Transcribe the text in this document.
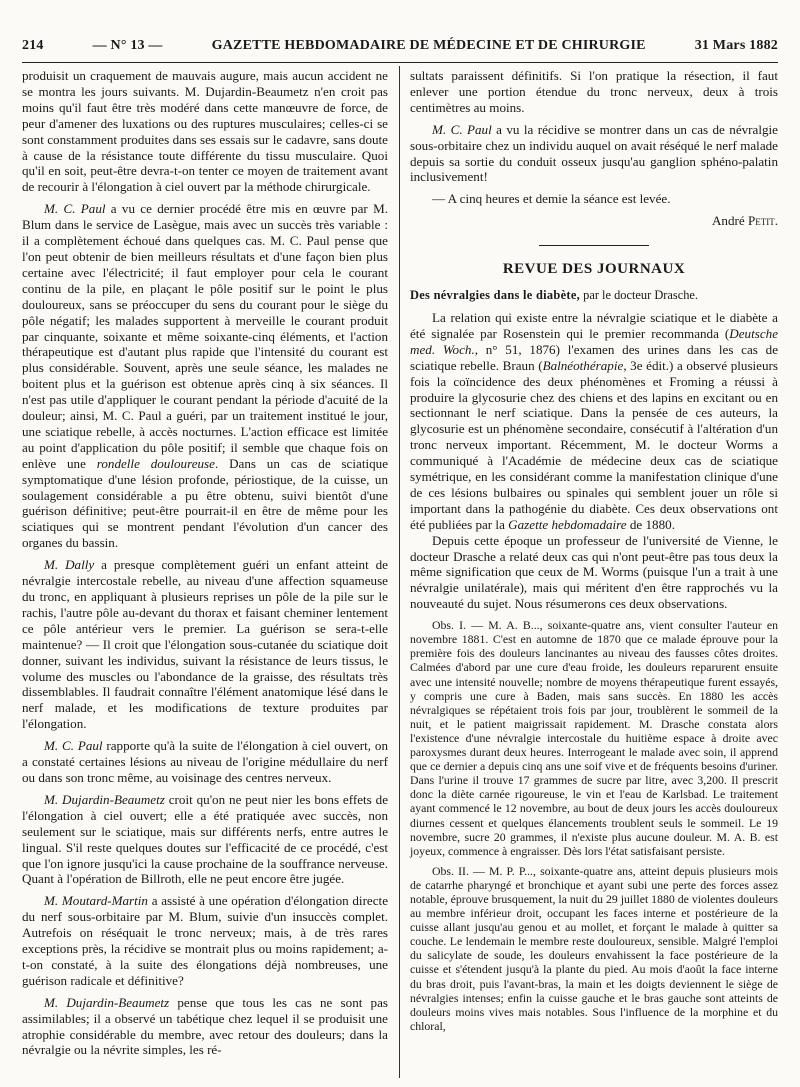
214	— N° 13 —	GAZETTE HEBDOMADAIRE DE MÉDECINE ET DE CHIRURGIE	31 Mars 1882

produisit un craquement de mauvais augure, mais aucun accident ne se montra les jours suivants. M. Dujardin-Beaumetz n'en croit pas moins qu'il faut être très modéré dans cette manœuvre de force, de peur d'amener des luxations ou des ruptures musculaires; celles-ci se sont constamment produites dans ses essais sur le cadavre, sans doute à cause de la résistance toute différente du tissu musculaire. Quoi qu'il en soit, peut-être devra-t-on tenter ce moyen de traitement avant de recourir à l'élongation à ciel ouvert par la méthode chirurgicale.

M. C. Paul a vu ce dernier procédé être mis en œuvre par M. Blum dans le service de Lasègue, mais avec un succès très variable : il a complètement échoué dans quelques cas. M. C. Paul pense que l'on peut obtenir de bien meilleurs résultats et d'une façon bien plus certaine avec l'électricité; il faut employer pour cela le courant continu de la pile, en plaçant le pôle positif sur le point le plus douloureux, sans se préoccuper du sens du courant pour le siège du pôle négatif; les malades supportent à merveille le courant produit par cinquante, soixante et même soixante-cinq éléments, et l'action thérapeutique est d'autant plus rapide que l'intensité du courant est plus considérable. Souvent, après une seule séance, les malades ne boitent plus et la guérison est obtenue après cinq à six séances. Il n'est pas utile d'appliquer le courant pendant la période d'acuité de la douleur; ainsi, M. C. Paul a guéri, par un traitement institué le jour, une sciatique rebelle, à accès nocturnes. L'action efficace est limitée au point d'application du pôle positif; il semble que chaque fois on enlève une rondelle douloureuse. Dans un cas de sciatique symptomatique d'une lésion profonde, périostique, de la cuisse, un soulagement considérable a pu être obtenu, suivi bientôt d'une guérison définitive; peut-être pourrait-il en être de même pour les sciatiques qui se montrent pendant l'évolution d'un cancer des organes du bassin.

M. Dally a presque complètement guéri un enfant atteint de névralgie intercostale rebelle, au niveau d'une affection squameuse du tronc, en appliquant à plusieurs reprises un pôle de la pile sur le rachis, l'autre pôle au-devant du thorax et faisant cheminer lentement ce pôle antérieur vers le premier. La guérison se sera-t-elle maintenue? — Il croit que l'élongation sous-cutanée du sciatique doit donner, suivant les individus, suivant la résistance de leurs tissus, le volume des muscles ou l'abondance de la graisse, des résultats très dissemblables. Il faudrait connaître l'élément anatomique lésé dans le nerf malade, et les modifications de texture produites par l'élongation.

M. C. Paul rapporte qu'à la suite de l'élongation à ciel ouvert, on a constaté certaines lésions au niveau de l'origine médullaire du nerf ou dans son tronc même, au voisinage des centres nerveux.

M. Dujardin-Beaumetz croit qu'on ne peut nier les bons effets de l'élongation à ciel ouvert; elle a été pratiquée avec succès, non seulement sur le sciatique, mais sur différents nerfs, entre autres le lingual. S'il reste quelques doutes sur l'efficacité de ce procédé, c'est que l'on ignore jusqu'ici la cause prochaine de la souffrance nerveuse. Quant à l'opération de Billroth, elle ne peut encore être jugée.

M. Moutard-Martin a assisté à une opération d'élongation directe du nerf sous-orbitaire par M. Blum, suivie d'un insuccès complet. Autrefois on réséquait le tronc nerveux; mais, à de très rares exceptions près, la récidive se montrait plus ou moins rapidement; a-t-on constaté, à la suite des élongations déjà nombreuses, une guérison radicale et définitive?

M. Dujardin-Beaumetz pense que tous les cas ne sont pas assimilables; il a observé un tabétique chez lequel il se produisit une atrophie considérable du membre, avec retour des douleurs; dans la névralgie ou la névrite simples, les ré-

sultats paraissent définitifs. Si l'on pratique la résection, il faut enlever une portion étendue du tronc nerveux, deux à trois centimètres au moins.

M. C. Paul a vu la récidive se montrer dans un cas de névralgie sous-orbitaire chez un individu auquel on avait réséqué le nerf malade depuis sa sortie du conduit osseux jusqu'au ganglion sphéno-palatin inclusivement!

— A cinq heures et demie la séance est levée.

André Petit.

REVUE DES JOURNAUX

Des névralgies dans le diabète, par le docteur Drasche.

La relation qui existe entre la névralgie sciatique et le diabète a été signalée par Rosenstein qui le premier recommanda (Deutsche med. Woch., n° 51, 1876) l'examen des urines dans les cas de sciatique rebelle. Braun (Balnéothérapie, 3e édit.) a observé plusieurs fois la coïncidence des deux phénomènes et Froming a réussi à produire la glycosurie chez des chiens et des lapins en excitant ou en sectionnant le nerf sciatique. Dans la pensée de ces auteurs, la glycosurie est un phénomène secondaire, consécutif à l'altération d'un tronc nerveux important. Récemment, M. le docteur Worms a communiqué à l'Académie de médecine deux cas de sciatique symétrique, en les considérant comme la manifestation clinique d'une de ces lésions bulbaires ou spinales qui semblent jouer un rôle si important dans la pathogénie du diabète. Ces deux observations ont été publiées par la Gazette hebdomadaire de 1880.

Depuis cette époque un professeur de l'université de Vienne, le docteur Drasche a relaté deux cas qui n'ont peut-être pas tous deux la même signification que ceux de M. Worms (puisque l'un a trait à une névralgie unilatérale), mais qui méritent d'en être rapprochés vu la nouveauté du sujet. Nous résumerons ces deux observations.

Obs. I. — M. A. B..., soixante-quatre ans, vient consulter l'auteur en novembre 1881. C'est en automne de 1870 que ce malade éprouve pour la première fois des douleurs lancinantes au niveau des fausses côtes droites. Calmées d'abord par une cure d'eau froide, les douleurs reparurent ensuite avec une intensité nouvelle; nombre de moyens thérapeutique furent essayés, y compris une cure à Baden, mais sans succès. En 1880 les accès névralgiques se répétaient trois fois par jour, troublèrent le sommeil de la nuit, et le patient maigrissait rapidement. M. Drasche constata alors l'existence d'une névralgie intercostale du huitième espace à droite avec paroxysmes durant deux heures. Interrogeant le malade avec soin, il apprend que ce dernier a depuis cinq ans une soif vive et de fréquents besoins d'uriner. Dans l'urine il trouve 17 grammes de sucre par litre, avec 3,200. Il prescrit donc la diète carnée rigoureuse, le vin et l'eau de Karlsbad. Le traitement ayant commencé le 12 novembre, au bout de deux jours les accès douloureux diurnes cessent et quelques élancements troublent seuls le sommeil. Le 19 novembre, sucre 20 grammes, il n'existe plus aucune douleur. M. A. B. est joyeux, commence à engraisser. Dès lors l'état satisfaisant persiste.

Obs. II. — M. P. P..., soixante-quatre ans, atteint depuis plusieurs mois de catarrhe pharyngé et bronchique et ayant subi une perte des forces assez notable, éprouve brusquement, la nuit du 29 juillet 1880 de violentes douleurs au membre inférieur droit, occupant les faces interne et postérieure de la cuisse allant jusqu'au genou et au mollet, et forçant le malade à quitter sa couche. Le lendemain le membre reste douloureux, sensible. Malgré l'emploi du salicylate de soude, les douleurs envahissent la face postérieure de la cuisse et s'étendent jusqu'à la plante du pied. Au mois d'août la face interne du bras droit, puis l'avant-bras, la main et les doigts deviennent le siège de névralgies intenses; enfin la cuisse gauche et le bras gauche sont atteints de douleurs moins vives mais notables. Sous l'influence de la morphine et du chloral,
